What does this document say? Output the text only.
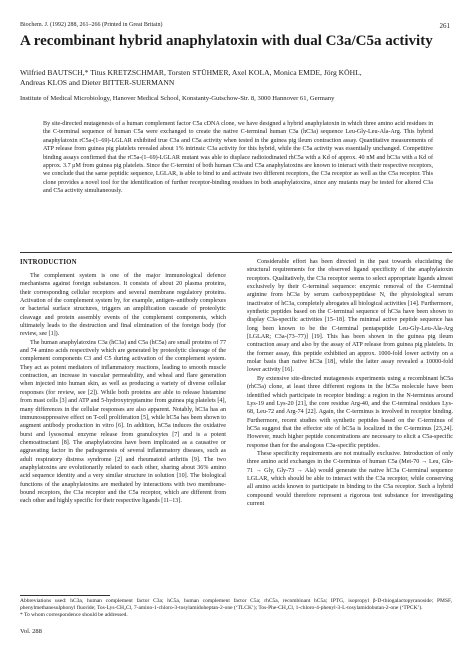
Biochem. J. (1992) 288, 261–266 (Printed in Great Britain)	261
A recombinant hybrid anaphylatoxin with dual C3a/C5a activity
Wilfried BAUTSCH,* Titus KRETZSCHMAR, Torsten STÜHMER, Axel KOLA, Monica EMDE, Jörg KÖHL,
Andreas KLOS and Dieter BITTER-SUERMANN
Institute of Medical Microbiology, Hanover Medical School, Konstanty-Gutschow-Str. 8, 3000 Hannover 61, Germany

By site-directed mutagenesis of a human complement factor C5a cDNA clone, we have designed a hybrid anaphylatoxin in which three amino acid residues in the C-terminal sequence of human C5a were exchanged to create the native C-terminal human C3a (hC3a) sequence Leu-Gly-Leu-Ala-Arg. This hybrid anaphylatoxin rC5a-(1–69)-LGLAR exhibited true C3a and C5a activity when tested in the guinea pig ileum contraction assay. Quantitative measurements of ATP release from guinea pig platelets revealed about 1% intrinsic C3a activity for this hybrid, while the C5a activity was essentially unchanged. Competitive binding assays confirmed that the rC5a-(1–69)-LGLAR mutant was able to displace radioiodinated rhC5a with a Kd of approx. 40 nM and hC3a with a Kd of approx. 3.7 μM from guinea pig platelets. Since the C-termini of both human C3a and C5a anaphylatoxins are known to interact with their respective receptors, we conclude that the same peptidic sequence, LGLAR, is able to bind to and activate two different receptors, the C3a receptor as well as the C5a receptor. This clone provides a novel tool for the identification of further receptor-binding residues in both anaphylatoxins, since any mutants may be tested for altered C3a and C5a activity simultaneously.

INTRODUCTION

The complement system is one of the major immunological defence mechanisms against foreign substances. It consists of about 20 plasma proteins, their corresponding cellular receptors and several membrane regulatory proteins. Activation of the complement system by, for example, antigen–antibody complexes or bacterial surface structures, triggers an amplification cascade of proteolytic cleavage and protein assembly events of the complement components, which ultimately leads to the destruction and final elimination of the foreign body (for review, see [1]).

The human anaphylatoxins C3a (hC3a) and C5a (hC5a) are small proteins of 77 and 74 amino acids respectively which are generated by proteolytic cleavage of the complement components C3 and C5 during activation of the complement system. They act as potent mediators of inflammatory reactions, leading to smooth muscle contraction, an increase in vascular permeability, and wheal and flare generation when injected into human skin, as well as producing a variety of diverse cellular responses (for review, see [2]). While both proteins are able to release histamine from mast cells [3] and ATP and 5-hydroxytryptamine from guinea pig platelets [4], many differences in the cellular responses are also apparent. Notably, hC3a has an immunosuppressive effect on T-cell proliferation [5], while hC5a has been shown to augment antibody production in vitro [6]. In addition, hC5a induces the oxidative burst and lysosomal enzyme release from granulocytes [7] and is a potent chemoattractant [8]. The anaphylatoxins have been implicated as a causative or aggravating factor in the pathogenesis of several inflammatory diseases, such as adult respiratory distress syndrome [2] and rheumatoid arthritis [9]. The two anaphylatoxins are evolutionarily related to each other, sharing about 36% amino acid sequence identity and a very similar structure in solution [10]. The biological functions of the anaphylatoxins are mediated by interactions with two membrane-bound receptors, the C3a receptor and the C5a receptor, which are different from each other and highly specific for their respective ligands [11–13].

Considerable effort has been directed in the past towards elucidating the structural requirements for the observed ligand specificity of the anaphylatoxin receptors. Qualitatively, the C3a receptor seems to select appropriate ligands almost exclusively by their C-terminal sequence: enzymic removal of the C-terminal arginine from hC3a by serum carboxypeptidase N, the physiological serum inactivator of hC3a, completely abrogates all biological activities [14]. Furthermore, synthetic peptides based on the C-terminal sequence of hC3a have been shown to display C3a-specific activities [15–18]. The minimal active peptide sequence has long been known to be the C-terminal pentapeptide Leu-Gly-Leu-Ala-Arg [LGLAR; C3a-(73–77)] [19]. This has been shown in the guinea pig ileum contraction assay and also by the assay of ATP release from guinea pig platelets. In the former assay, this peptide exhibited an approx. 1000-fold lower activity on a molar basis than native hC3a [18], while the latter assay revealed a 10000-fold lower activity [16].

By extensive site-directed mutagenesis experiments using a recombinant hC5a (rhC5a) clone, at least three different regions in the hC5a molecule have been identified which participate in receptor binding: a region in the N-terminus around Lys-19 and Lys-20 [21], the core residue Arg-40, and the C-terminal residues Lys-68, Leu-72 and Arg-74 [22]. Again, the C-terminus is involved in receptor binding. Furthermore, recent studies with synthetic peptides based on the C-terminus of hC5a suggest that the effector site of hC5a is localized in the C-terminus [23,24]. However, much higher peptide concentrations are necessary to elicit a C5a-specific response than for the analogous C3a-specific peptides.

These specificity requirements are not mutually exclusive. Introduction of only three amino acid exchanges in the C-terminus of human C5a (Met-70 → Leu, Gln-71 → Gly, Gly-73 → Ala) would generate the native hC3a C-terminal sequence LGLAR, which should be able to interact with the C3a receptor, while conserving all amino acids known to participate in binding to the C5a receptor. Such a hybrid compound would therefore represent a rigorous test substance for investigating current

Abbreviations used: hC3a, human complement factor C3a; hC5a, human complement factor C5a; rhC5a, recombinant hC5a; IPTG, isopropyl β-D-thiogalactopyranoside; PMSF, phenylmethanesulphonyl fluoride; Tos-Lys-CH₂Cl, 7-amino-1-chloro-3-tosylamidoheptan-2-one (‘TLCK’); Tos-Phe-CH₂Cl, 1-chloro-4-phenyl-3-L-tosylamidobutan-2-one (‘TPCK’).

* To whom correspondence should be addressed.

Vol. 288
